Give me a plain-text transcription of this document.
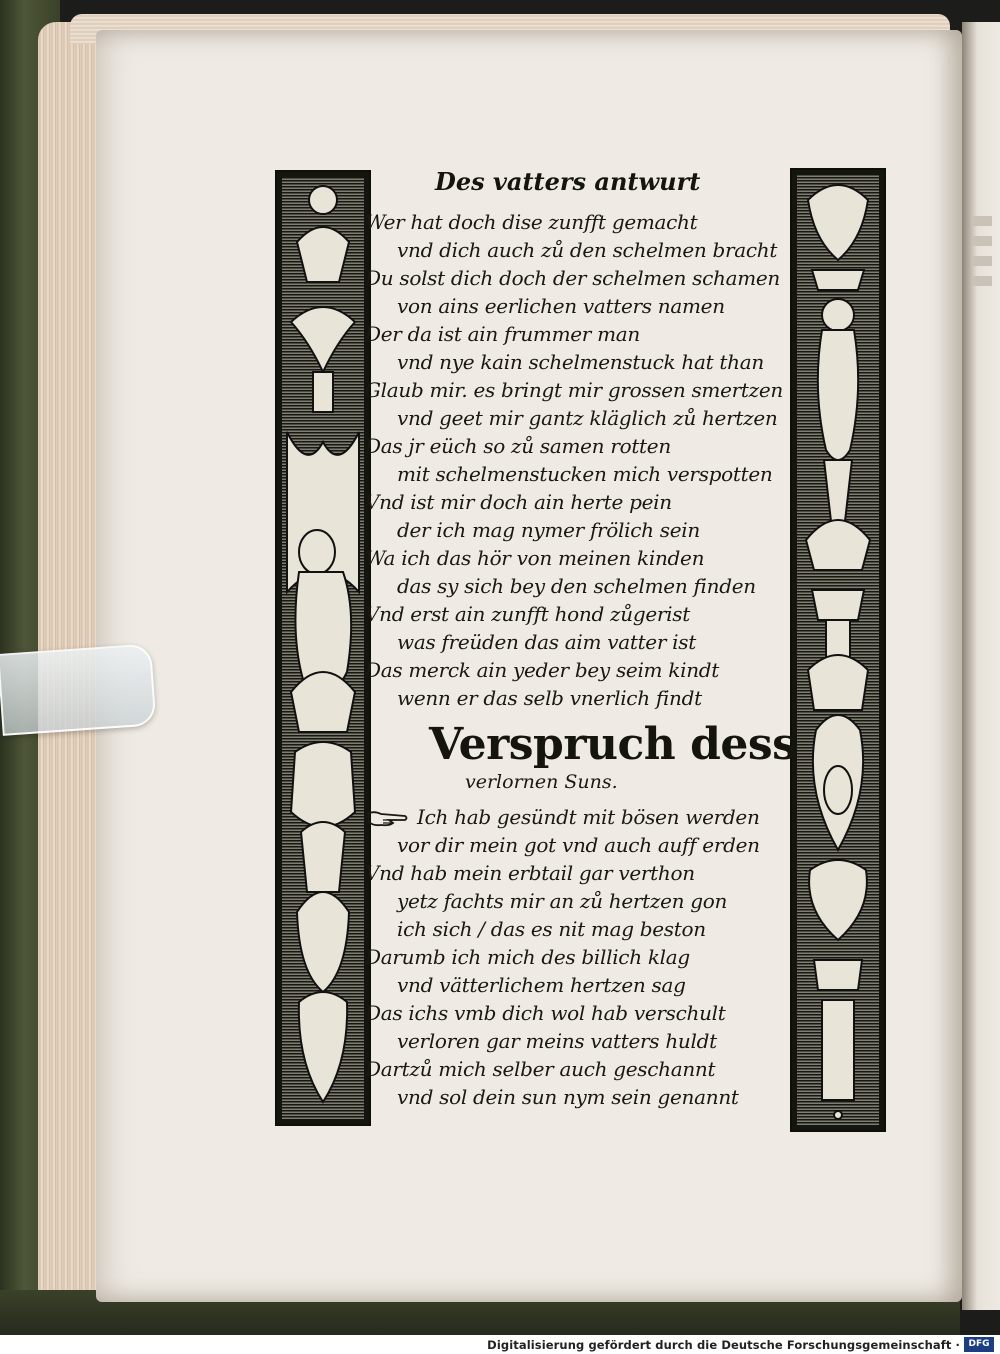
Des vatters antwurt
Wer hat doch dise zunfft gemacht
vnd dich auch zů den schelmen bracht
Du solst dich doch der schelmen schamen
von ains eerlichen vatters namen
Der da ist ain frummer man
vnd nye kain schelmenstuck hat than
Glaub mir. es bringt mir grossen smertzen
vnd geet mir gantz kläglich zů hertzen
Das jr eüch so zů samen rotten
mit schelmenstucken mich verspotten
Vnd ist mir doch ain herte pein
der ich mag nymer frölich sein
Wa ich das hör von meinen kinden
das sy sich bey den schelmen finden
Vnd erst ain zunfft hond zůgerist
was freüden das aim vatter ist
Das merck ain yeder bey seim kindt
wenn er das selb vnerlich findt
Verspruch dess
verlornen Suns.
Ich hab gesündt mit bösen werden
vor dir mein got vnd auch auff erden
Vnd hab mein erbtail gar verthon
yetz fachts mir an zů hertzen gon
ich sich / das es nit mag beston
Darumb ich mich des billich klag
vnd vätterlichem hertzen sag
Das ichs vmb dich wol hab verschult
verloren gar meins vatters huldt
Dartzů mich selber auch geschannt
vnd sol dein sun nym sein genannt
Digitalisierung gefördert durch die Deutsche Forschungsgemeinschaft · DFG
